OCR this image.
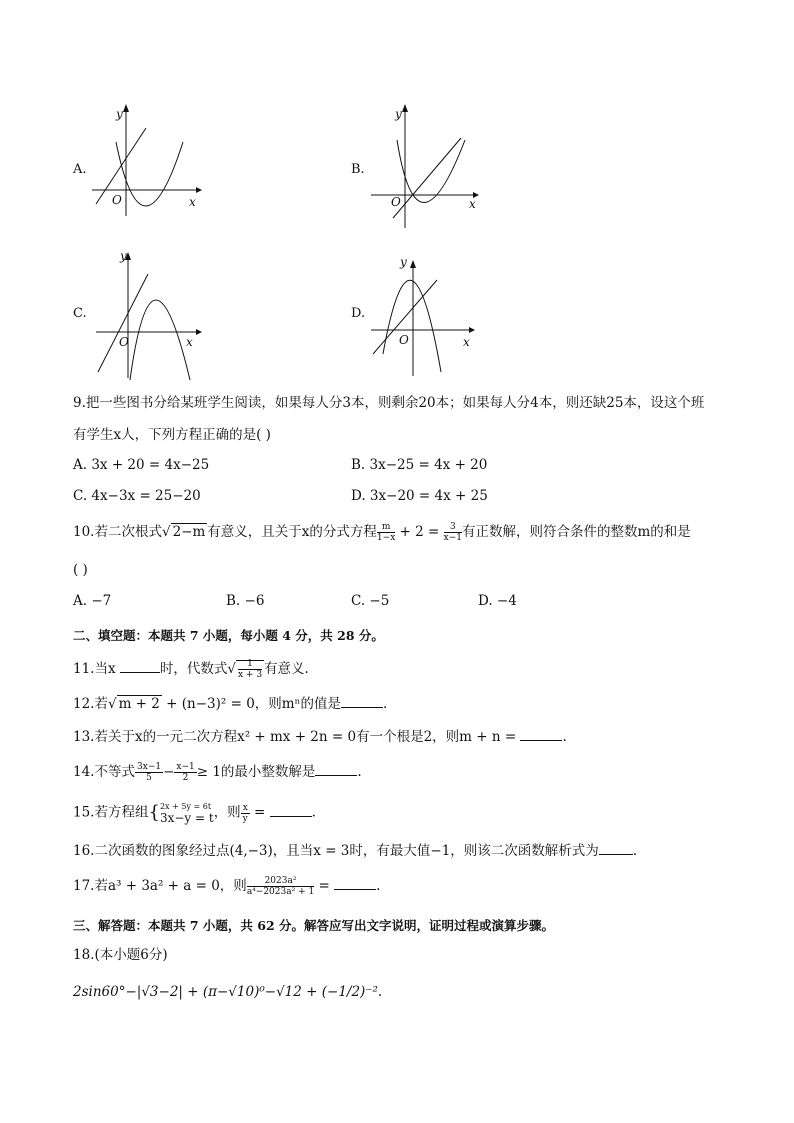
A.
y
O	x
B.
y
O	x
C.
y
O	x
D.
y
O	x
9.把一些图书分给某班学生阅读，如果每人分3本，则剩余20本；如果每人分4本，则还缺25本，设这个班
有学生x人，下列方程正确的是( )
A. 3x + 20 = 4x−25	B. 3x−25 = 4x + 20
C. 4x−3x = 25−20	D. 3x−20 = 4x + 25
10.若二次根式√ 2−m 有意义，且关于x的分式方程 $\frac{m}{1-x} + 2 = \frac{3}{x-1}$ 有正数解，则符合条件的整数m的和是
( )
A. −7	B. −6	C. −5	D. −4
二、填空题：本题共 7 小题，每小题 4 分，共 28 分。
11.当x	时，代数式√ $\frac{1}{x + 3}$ 有意义.
12.若√ m + 2 + (n−3)² = 0，则mⁿ的值是	.
13.若关于x的一元二次方程x² + mx + 2n = 0有一个根是2，则m + n =	.
14.不等式 $\frac{3x-1}{5} - \frac{x-1}{2} \ge 1$的最小整数解是	.
15.若方程组{ 2x + 5y = 6t
3x−y = t ，则 $\frac{x}{y}$ =	.
16.二次函数的图象经过点(4,−3)，且当x = 3时，有最大值−1，则该二次函数解析式为	.
17.若a³ + 3a² + a = 0，则 $\frac{\text{2023a²}}{\text{a⁴−2023a² + 1}}$ =	.
三、解答题：本题共 7 小题，共 62 分。解答应写出文字说明，证明过程或演算步骤。
18.(本小题6分)
2sin60°−|√3−2| + (π−√10)⁰−√12 + (−1/2)⁻².
